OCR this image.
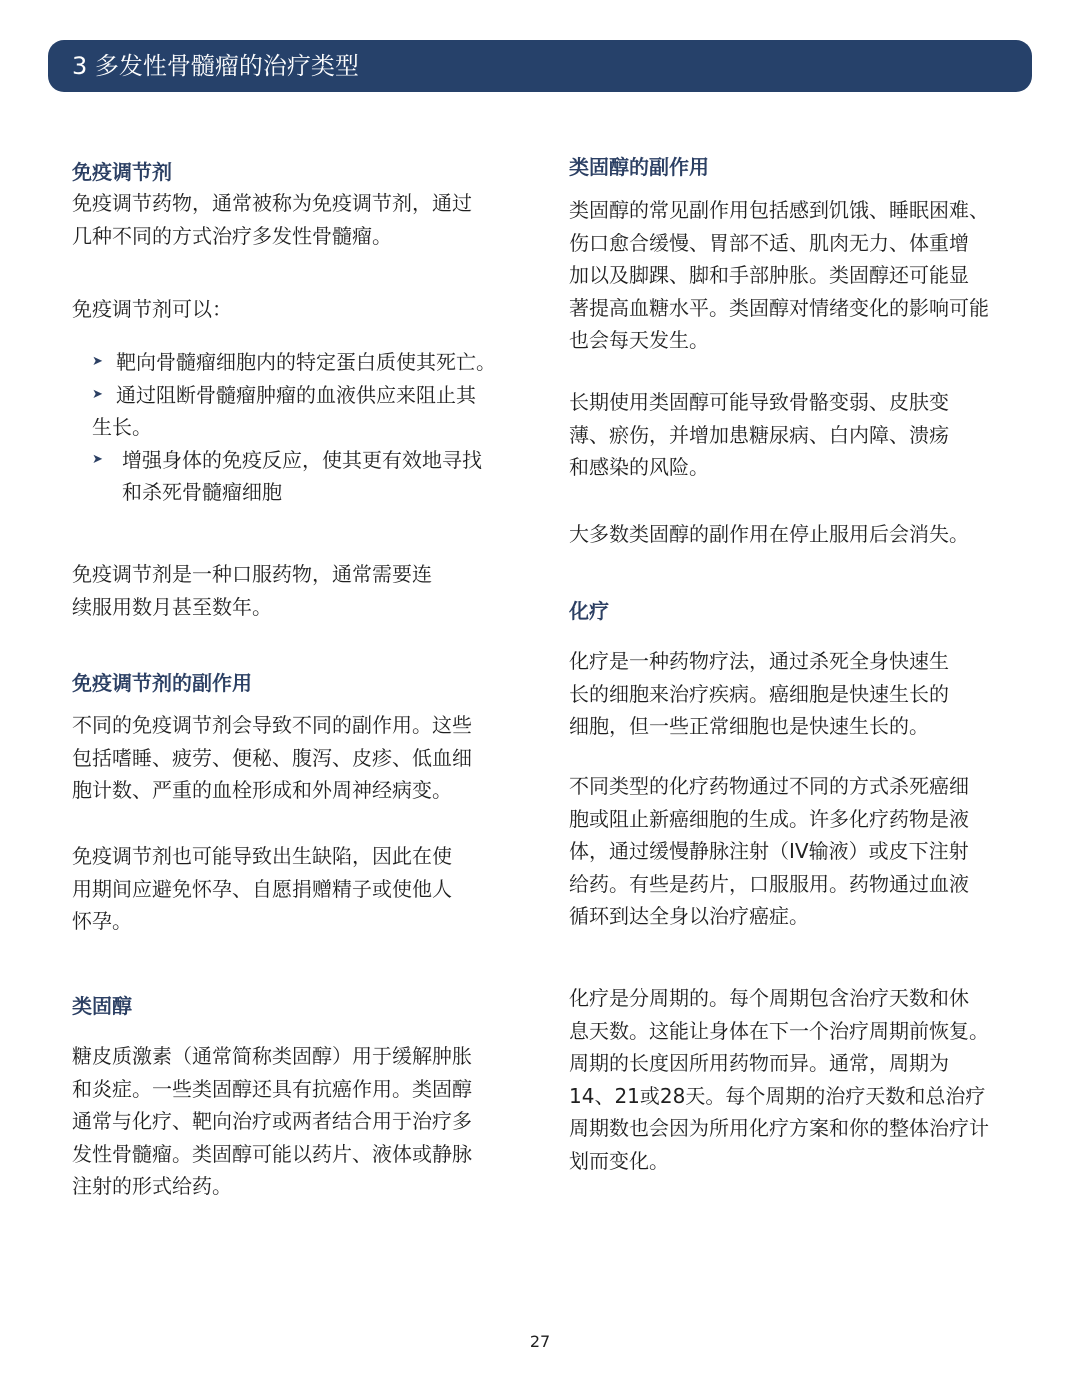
3 多发性骨髓瘤的治疗类型
免疫调节剂
免疫调节药物，通常被称为免疫调节剂，通过
几种不同的方式治疗多发性骨髓瘤。
免疫调节剂可以：
➤ 靶向骨髓瘤细胞内的特定蛋白质使其死亡。
➤ 通过阻断骨髓瘤肿瘤的血液供应来阻止其
生长。
➤ 增强身体的免疫反应，使其更有效地寻找
和杀死骨髓瘤细胞
免疫调节剂是一种口服药物，通常需要连
续服用数月甚至数年。
免疫调节剂的副作用
不同的免疫调节剂会导致不同的副作用。这些
包括嗜睡、疲劳、便秘、腹泻、皮疹、低血细
胞计数、严重的血栓形成和外周神经病变。
免疫调节剂也可能导致出生缺陷，因此在使
用期间应避免怀孕、自愿捐赠精子或使他人
怀孕。
类固醇
糖皮质激素（通常简称类固醇）用于缓解肿胀
和炎症。一些类固醇还具有抗癌作用。类固醇
通常与化疗、靶向治疗或两者结合用于治疗多
发性骨髓瘤。类固醇可能以药片、液体或静脉
注射的形式给药。
类固醇的副作用
类固醇的常见副作用包括感到饥饿、睡眠困难、
伤口愈合缓慢、胃部不适、肌肉无力、体重增
加以及脚踝、脚和手部肿胀。类固醇还可能显
著提高血糖水平。类固醇对情绪变化的影响可能
也会每天发生。
长期使用类固醇可能导致骨骼变弱、皮肤变
薄、瘀伤，并增加患糖尿病、白内障、溃疡
和感染的风险。
大多数类固醇的副作用在停止服用后会消失。
化疗
化疗是一种药物疗法，通过杀死全身快速生
长的细胞来治疗疾病。癌细胞是快速生长的
细胞，但一些正常细胞也是快速生长的。
不同类型的化疗药物通过不同的方式杀死癌细
胞或阻止新癌细胞的生成。许多化疗药物是液
体，通过缓慢静脉注射（IV输液）或皮下注射
给药。有些是药片，口服服用。药物通过血液
循环到达全身以治疗癌症。
化疗是分周期的。每个周期包含治疗天数和休
息天数。这能让身体在下一个治疗周期前恢复。
周期的长度因所用药物而异。通常，周期为
14、21或28天。每个周期的治疗天数和总治疗
周期数也会因为所用化疗方案和你的整体治疗计
划而变化。
27
